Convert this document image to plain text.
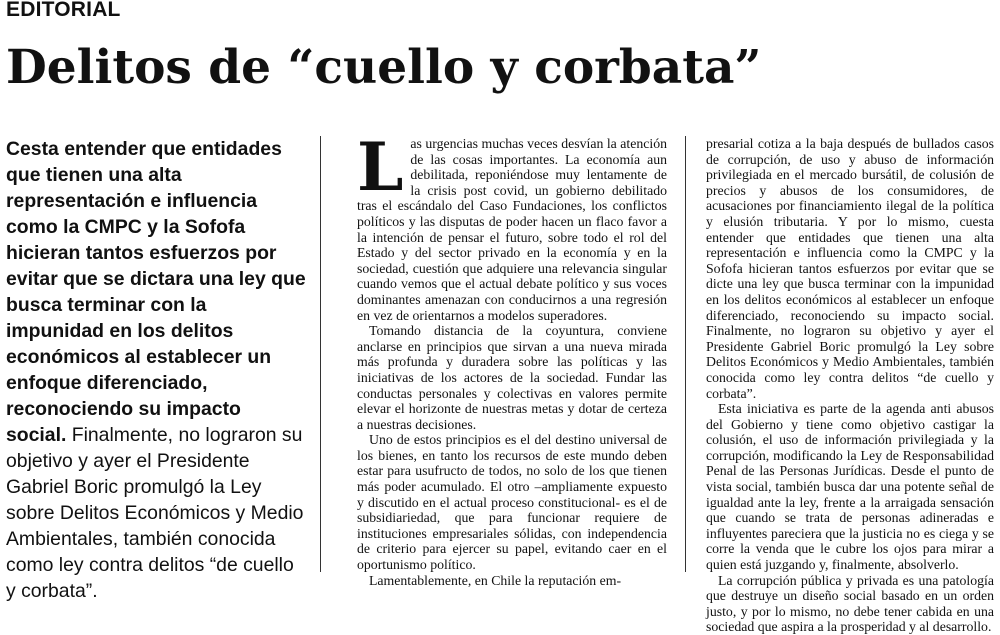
EDITORIAL
Delitos de “cuello y corbata”
Cesta entender que entidades que tienen una alta representación e influencia como la CMPC y la Sofofa hicieran tantos esfuerzos por evitar que se dictara una ley que busca terminar con la impunidad en los delitos económicos al establecer un enfoque diferenciado, reconociendo su impacto social. Finalmente, no lograron su objetivo y ayer el Presidente Gabriel Boric promulgó la Ley sobre Delitos Económicos y Medio Ambientales, también conocida como ley contra delitos “de cuello y corbata”.

Las urgencias muchas veces desvían la atención de las cosas importantes. La economía aun debilitada, reponiéndose muy lentamente de la crisis post covid, un gobierno debilitado tras el escándalo del Caso Fundaciones, los conflictos políticos y las disputas de poder hacen un flaco favor a la intención de pensar el futuro, sobre todo el rol del Estado y del sector privado en la economía y en la sociedad, cuestión que adquiere una relevancia singular cuando vemos que el actual debate político y sus voces dominantes amenazan con conducirnos a una regresión en vez de orientarnos a modelos superadores.

Tomando distancia de la coyuntura, conviene anclarse en principios que sirvan a una nueva mirada más profunda y duradera sobre las políticas y las iniciativas de los actores de la sociedad. Fundar las conductas personales y colectivas en valores permite elevar el horizonte de nuestras metas y dotar de certeza a nuestras decisiones.

Uno de estos principios es el del destino universal de los bienes, en tanto los recursos de este mundo deben estar para usufructo de todos, no solo de los que tienen más poder acumulado. El otro –ampliamente expuesto y discutido en el actual proceso constitucional- es el de subsidiariedad, que para funcionar requiere de instituciones empresariales sólidas, con independencia de criterio para ejercer su papel, evitando caer en el oportunismo político.

Lamentablemente, en Chile la reputación em-

presarial cotiza a la baja después de bullados casos de corrupción, de uso y abuso de información privilegiada en el mercado bursátil, de colusión de precios y abusos de los consumidores, de acusaciones por financiamiento ilegal de la política y elusión tributaria. Y por lo mismo, cuesta entender que entidades que tienen una alta representación e influencia como la CMPC y la Sofofa hicieran tantos esfuerzos por evitar que se dicte una ley que busca terminar con la impunidad en los delitos económicos al establecer un enfoque diferenciado, reconociendo su impacto social. Finalmente, no lograron su objetivo y ayer el Presidente Gabriel Boric promulgó la Ley sobre Delitos Económicos y Medio Ambientales, también conocida como ley contra delitos “de cuello y corbata”.

Esta iniciativa es parte de la agenda anti abusos del Gobierno y tiene como objetivo castigar la colusión, el uso de información privilegiada y la corrupción, modificando la Ley de Responsabilidad Penal de las Personas Jurídicas. Desde el punto de vista social, también busca dar una potente señal de igualdad ante la ley, frente a la arraigada sensación que cuando se trata de personas adineradas e influyentes pareciera que la justicia no es ciega y se corre la venda que le cubre los ojos para mirar a quien está juzgando y, finalmente, absolverlo.

La corrupción pública y privada es una patología que destruye un diseño social basado en un orden justo, y por lo mismo, no debe tener cabida en una sociedad que aspira a la prosperidad y al desarrollo.
